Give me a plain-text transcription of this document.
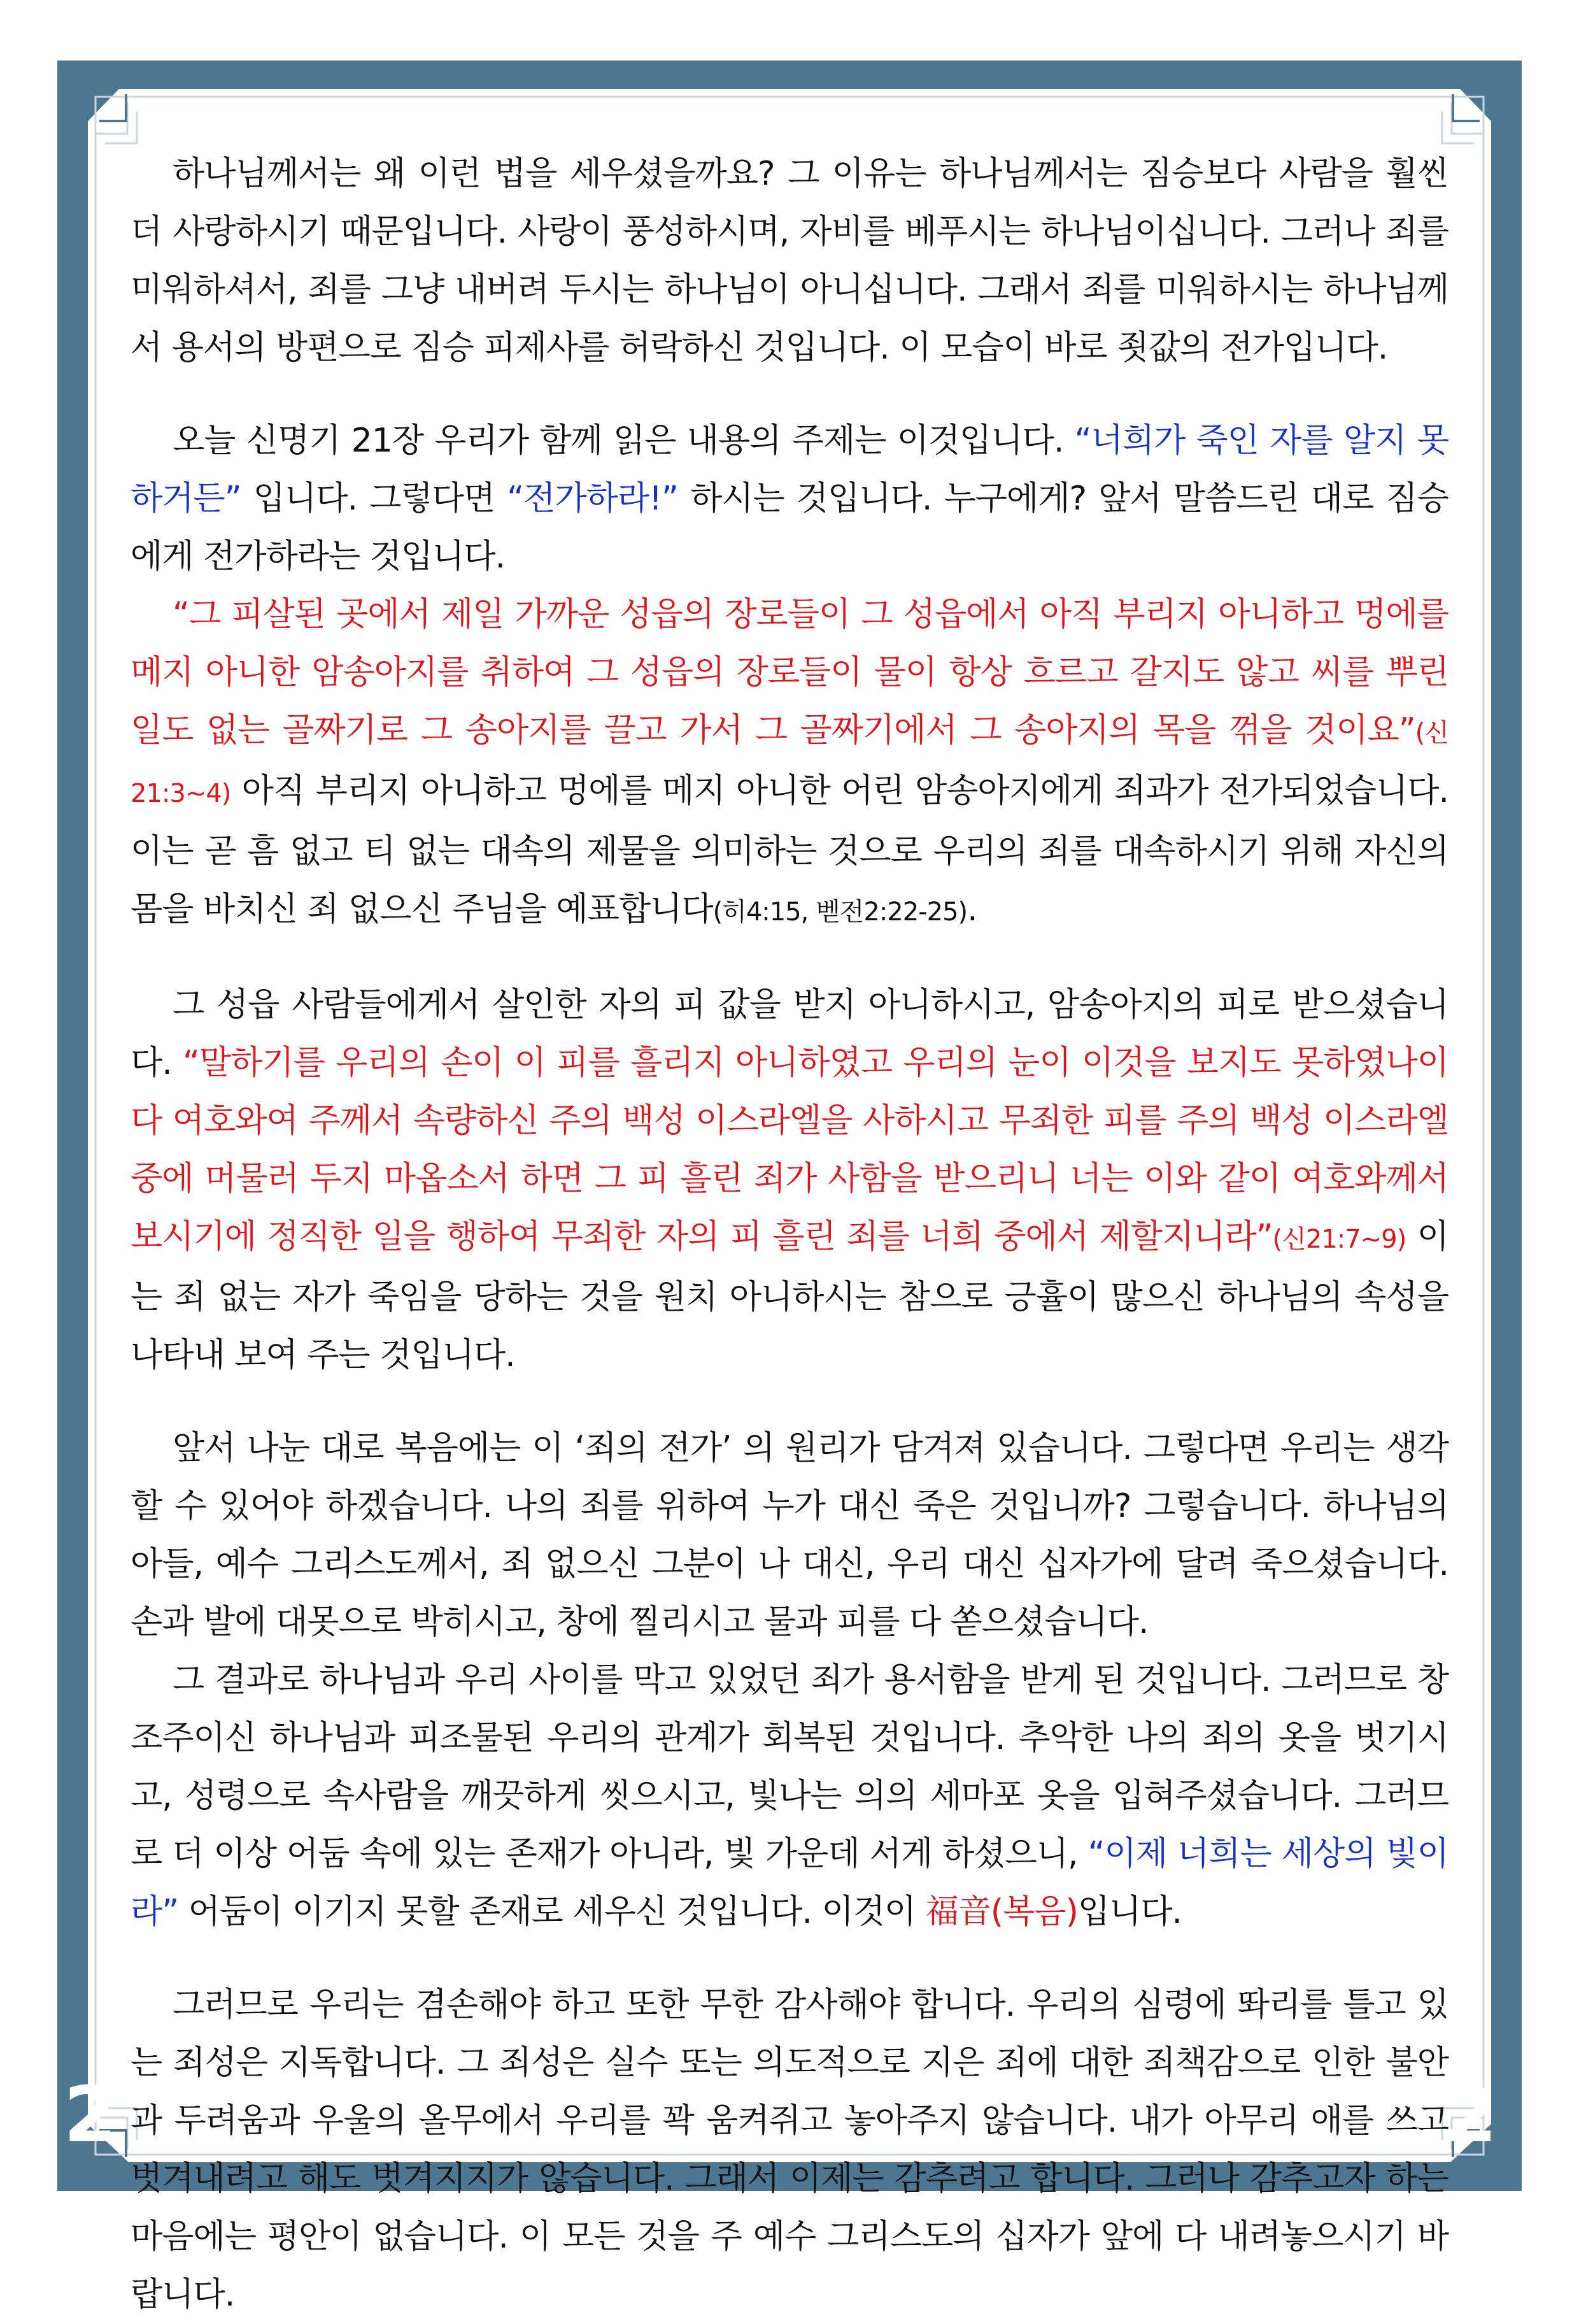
2	2

하나님께서는 왜 이런 법을 세우셨을까요? 그 이유는 하나님께서는 짐승보다 사람을 훨씬 더 사랑하시기 때문입니다. 사랑이 풍성하시며, 자비를 베푸시는 하나님이십니다. 그러나 죄를 미워하셔서, 죄를 그냥 내버려 두시는 하나님이 아니십니다. 그래서 죄를 미워하시는 하나님께서 용서의 방편으로 짐승 피제사를 허락하신 것입니다. 이 모습이 바로 죗값의 전가입니다.

오늘 신명기 21장 우리가 함께 읽은 내용의 주제는 이것입니다. “너희가 죽인 자를 알지 못하거든” 입니다. 그렇다면 “전가하라!” 하시는 것입니다. 누구에게? 앞서 말씀드린 대로 짐승에게 전가하라는 것입니다.

“그 피살된 곳에서 제일 가까운 성읍의 장로들이 그 성읍에서 아직 부리지 아니하고 멍에를 메지 아니한 암송아지를 취하여 그 성읍의 장로들이 물이 항상 흐르고 갈지도 않고 씨를 뿌린 일도 없는 골짜기로 그 송아지를 끌고 가서 그 골짜기에서 그 송아지의 목을 꺾을 것이요”(신21:3~4) 아직 부리지 아니하고 멍에를 메지 아니한 어린 암송아지에게 죄과가 전가되었습니다. 이는 곧 흠 없고 티 없는 대속의 제물을 의미하는 것으로 우리의 죄를 대속하시기 위해 자신의 몸을 바치신 죄 없으신 주님을 예표합니다(히4:15, 벧전2:22-25).

그 성읍 사람들에게서 살인한 자의 피 값을 받지 아니하시고, 암송아지의 피로 받으셨습니다. “말하기를 우리의 손이 이 피를 흘리지 아니하였고 우리의 눈이 이것을 보지도 못하였나이다 여호와여 주께서 속량하신 주의 백성 이스라엘을 사하시고 무죄한 피를 주의 백성 이스라엘 중에 머물러 두지 마옵소서 하면 그 피 흘린 죄가 사함을 받으리니 너는 이와 같이 여호와께서 보시기에 정직한 일을 행하여 무죄한 자의 피 흘린 죄를 너희 중에서 제할지니라”(신21:7~9) 이는 죄 없는 자가 죽임을 당하는 것을 원치 아니하시는 참으로 긍휼이 많으신 하나님의 속성을 나타내 보여 주는 것입니다.

앞서 나눈 대로 복음에는 이 ‘죄의 전가’ 의 원리가 담겨져 있습니다. 그렇다면 우리는 생각할 수 있어야 하겠습니다. 나의 죄를 위하여 누가 대신 죽은 것입니까? 그렇습니다. 하나님의 아들, 예수 그리스도께서, 죄 없으신 그분이 나 대신, 우리 대신 십자가에 달려 죽으셨습니다. 손과 발에 대못으로 박히시고, 창에 찔리시고 물과 피를 다 쏟으셨습니다.

그 결과로 하나님과 우리 사이를 막고 있었던 죄가 용서함을 받게 된 것입니다. 그러므로 창조주이신 하나님과 피조물된 우리의 관계가 회복된 것입니다. 추악한 나의 죄의 옷을 벗기시고, 성령으로 속사람을 깨끗하게 씻으시고, 빛나는 의의 세마포 옷을 입혀주셨습니다. 그러므로 더 이상 어둠 속에 있는 존재가 아니라, 빛 가운데 서게 하셨으니, “이제 너희는 세상의 빛이라” 어둠이 이기지 못할 존재로 세우신 것입니다. 이것이 福音(복음)입니다.

그러므로 우리는 겸손해야 하고 또한 무한 감사해야 합니다. 우리의 심령에 똬리를 틀고 있는 죄성은 지독합니다. 그 죄성은 실수 또는 의도적으로 지은 죄에 대한 죄책감으로 인한 불안과 두려움과 우울의 올무에서 우리를 꽉 움켜쥐고 놓아주지 않습니다. 내가 아무리 애를 쓰고 벗겨내려고 해도 벗겨지지가 않습니다. 그래서 이제는 감추려고 합니다. 그러나 감추고자 하는 마음에는 평안이 없습니다. 이 모든 것을 주 예수 그리스도의 십자가 앞에 다 내려놓으시기 바랍니다.
